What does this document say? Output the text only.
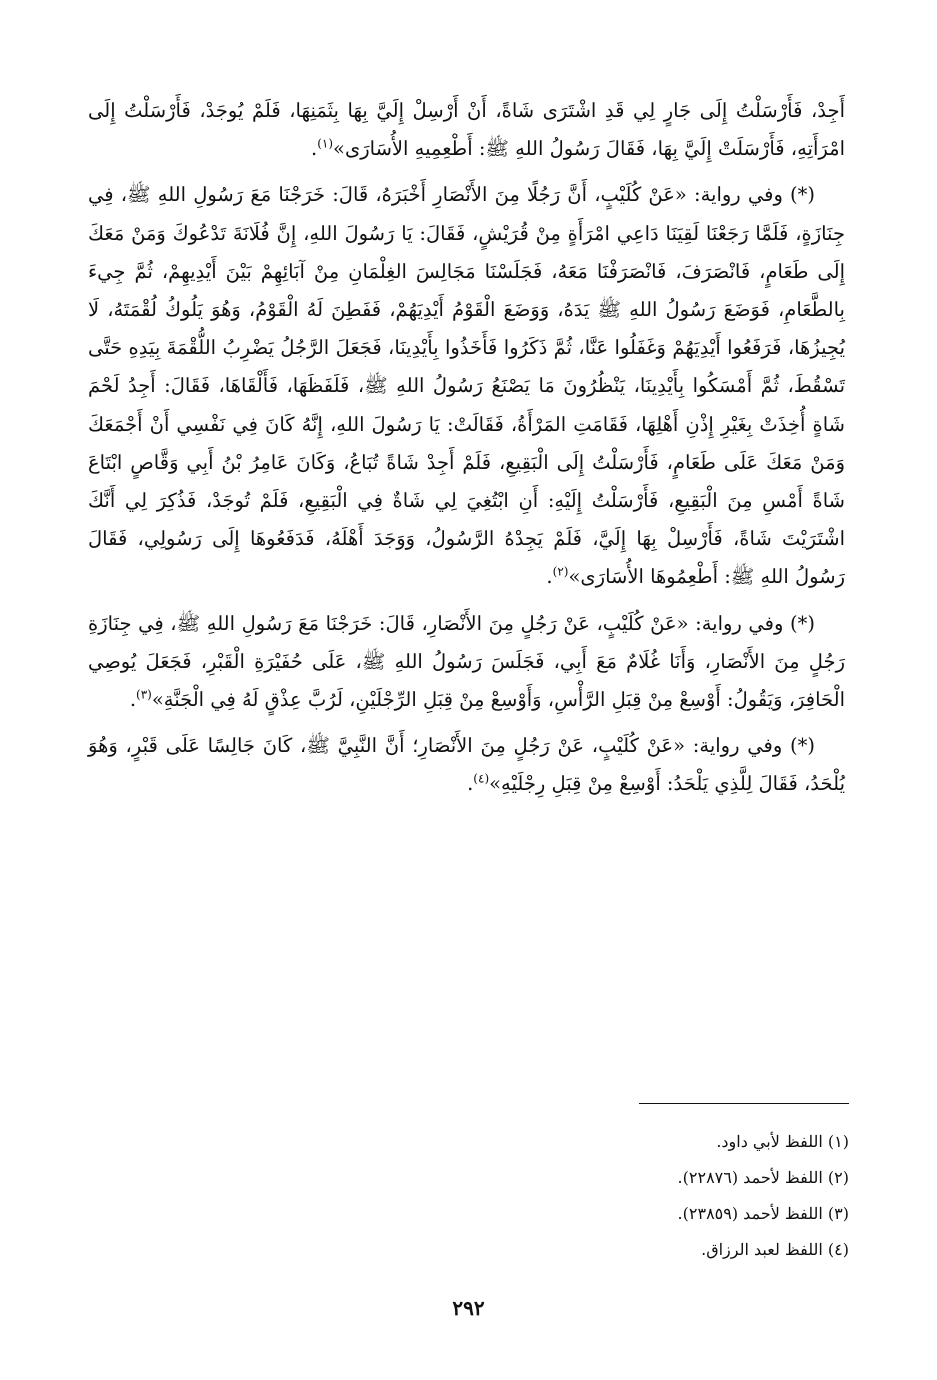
أَجِدْ، فَأَرْسَلْتُ إِلَى جَارٍ لِي قَدِ اشْتَرَى شَاةً، أَنْ أَرْسِلْ إِلَيَّ بِهَا بِثَمَنِهَا، فَلَمْ يُوجَدْ، فَأَرْسَلْتُ إِلَى امْرَأَتِهِ، فَأَرْسَلَتْ إِلَيَّ بِهَا، فَقَالَ رَسُولُ اللهِ ﷺ: أَطْعِمِيهِ الأُسَارَى»$^{(١)}$.

(*) وفي رواية: «عَنْ كُلَيْبٍ، أَنَّ رَجُلًا مِنَ الأَنْصَارِ أَخْبَرَهُ، قَالَ: خَرَجْنَا مَعَ رَسُولِ اللهِ ﷺ، فِي جِنَازَةٍ، فَلَمَّا رَجَعْنَا لَقِيَنَا دَاعِي امْرَأَةٍ مِنْ قُرَيْشٍ، فَقَالَ: يَا رَسُولَ اللهِ، إِنَّ فُلَانَةَ تَدْعُوكَ وَمَنْ مَعَكَ إِلَى طَعَامٍ، فَانْصَرَفَ، فَانْصَرَفْنَا مَعَهُ، فَجَلَسْنَا مَجَالِسَ الغِلْمَانِ مِنْ آبَائِهِمْ بَيْنَ أَيْدِيهِمْ، ثُمَّ جِيءَ بِالطَّعَامِ، فَوَضَعَ رَسُولُ اللهِ ﷺ يَدَهُ، وَوَضَعَ الْقَوْمُ أَيْدِيَهُمْ، فَفَطِنَ لَهُ الْقَوْمُ، وَهُوَ يَلُوكُ لُقْمَتَهُ، لَا يُجِيزُهَا، فَرَفَعُوا أَيْدِيَهُمْ وَغَفَلُوا عَنَّا، ثُمَّ ذَكَرُوا فَأَخَذُوا بِأَيْدِينَا، فَجَعَلَ الرَّجُلُ يَضْرِبُ اللُّقْمَةَ بِيَدِهِ حَتَّى تَسْقُطَ، ثُمَّ أَمْسَكُوا بِأَيْدِينَا، يَنْظُرُونَ مَا يَصْنَعُ رَسُولُ اللهِ ﷺ، فَلَفَظَهَا، فَأَلْقَاهَا، فَقَالَ: أَجِدُ لَحْمَ شَاةٍ أُخِذَتْ بِغَيْرِ إِذْنِ أَهْلِهَا، فَقَامَتِ المَرْأَةُ، فَقَالَتْ: يَا رَسُولَ اللهِ، إِنَّهُ كَانَ فِي نَفْسِي أَنْ أَجْمَعَكَ وَمَنْ مَعَكَ عَلَى طَعَامٍ، فَأَرْسَلْتُ إِلَى الْبَقِيعِ، فَلَمْ أَجِدْ شَاةً تُبَاعُ، وَكَانَ عَامِرُ بْنُ أَبِي وَقَّاصٍ ابْتَاعَ شَاةً أَمْسِ مِنَ الْبَقِيعِ، فَأَرْسَلْتُ إِلَيْهِ: أَنِ ابْتُغِيَ لِي شَاةٌ فِي الْبَقِيعِ، فَلَمْ تُوجَدْ، فَذُكِرَ لِي أَنَّكَ اشْتَرَيْتَ شَاةً، فَأَرْسِلْ بِهَا إِلَيَّ، فَلَمْ يَجِدْهُ الرَّسُولُ، وَوَجَدَ أَهْلَهُ، فَدَفَعُوهَا إِلَى رَسُولِي، فَقَالَ رَسُولُ اللهِ ﷺ: أَطْعِمُوهَا الأُسَارَى»$^{(٢)}$.

(*) وفي رواية: «عَنْ كُلَيْبٍ، عَنْ رَجُلٍ مِنَ الأَنْصَارِ، قَالَ: خَرَجْنَا مَعَ رَسُولِ اللهِ ﷺ، فِي جِنَازَةِ رَجُلٍ مِنَ الأَنْصَارِ، وَأَنَا غُلَامٌ مَعَ أَبِي، فَجَلَسَ رَسُولُ اللهِ ﷺ، عَلَى حُفَيْرَةِ الْقَبْرِ، فَجَعَلَ يُوصِي الْحَافِرَ، وَيَقُولُ: أَوْسِعْ مِنْ قِبَلِ الرَّأْسِ، وَأَوْسِعْ مِنْ قِبَلِ الرِّجْلَيْنِ، لَرُبَّ عِذْقٍ لَهُ فِي الْجَنَّةِ»$^{(٣)}$.

(*) وفي رواية: «عَنْ كُلَيْبٍ، عَنْ رَجُلٍ مِنَ الأَنْصَارِ؛ أَنَّ النَّبِيَّ ﷺ، كَانَ جَالِسًا عَلَى قَبْرٍ، وَهُوَ يُلْحَدُ، فَقَالَ لِلَّذِي يَلْحَدُ: أَوْسِعْ مِنْ قِبَلِ رِجْلَيْهِ»$^{(٤)}$.

(١) اللفظ لأبي داود.

(٢) اللفظ لأحمد (٢٢٨٧٦).

(٣) اللفظ لأحمد (٢٣٨٥٩).

(٤) اللفظ لعبد الرزاق.

٢٩٢
